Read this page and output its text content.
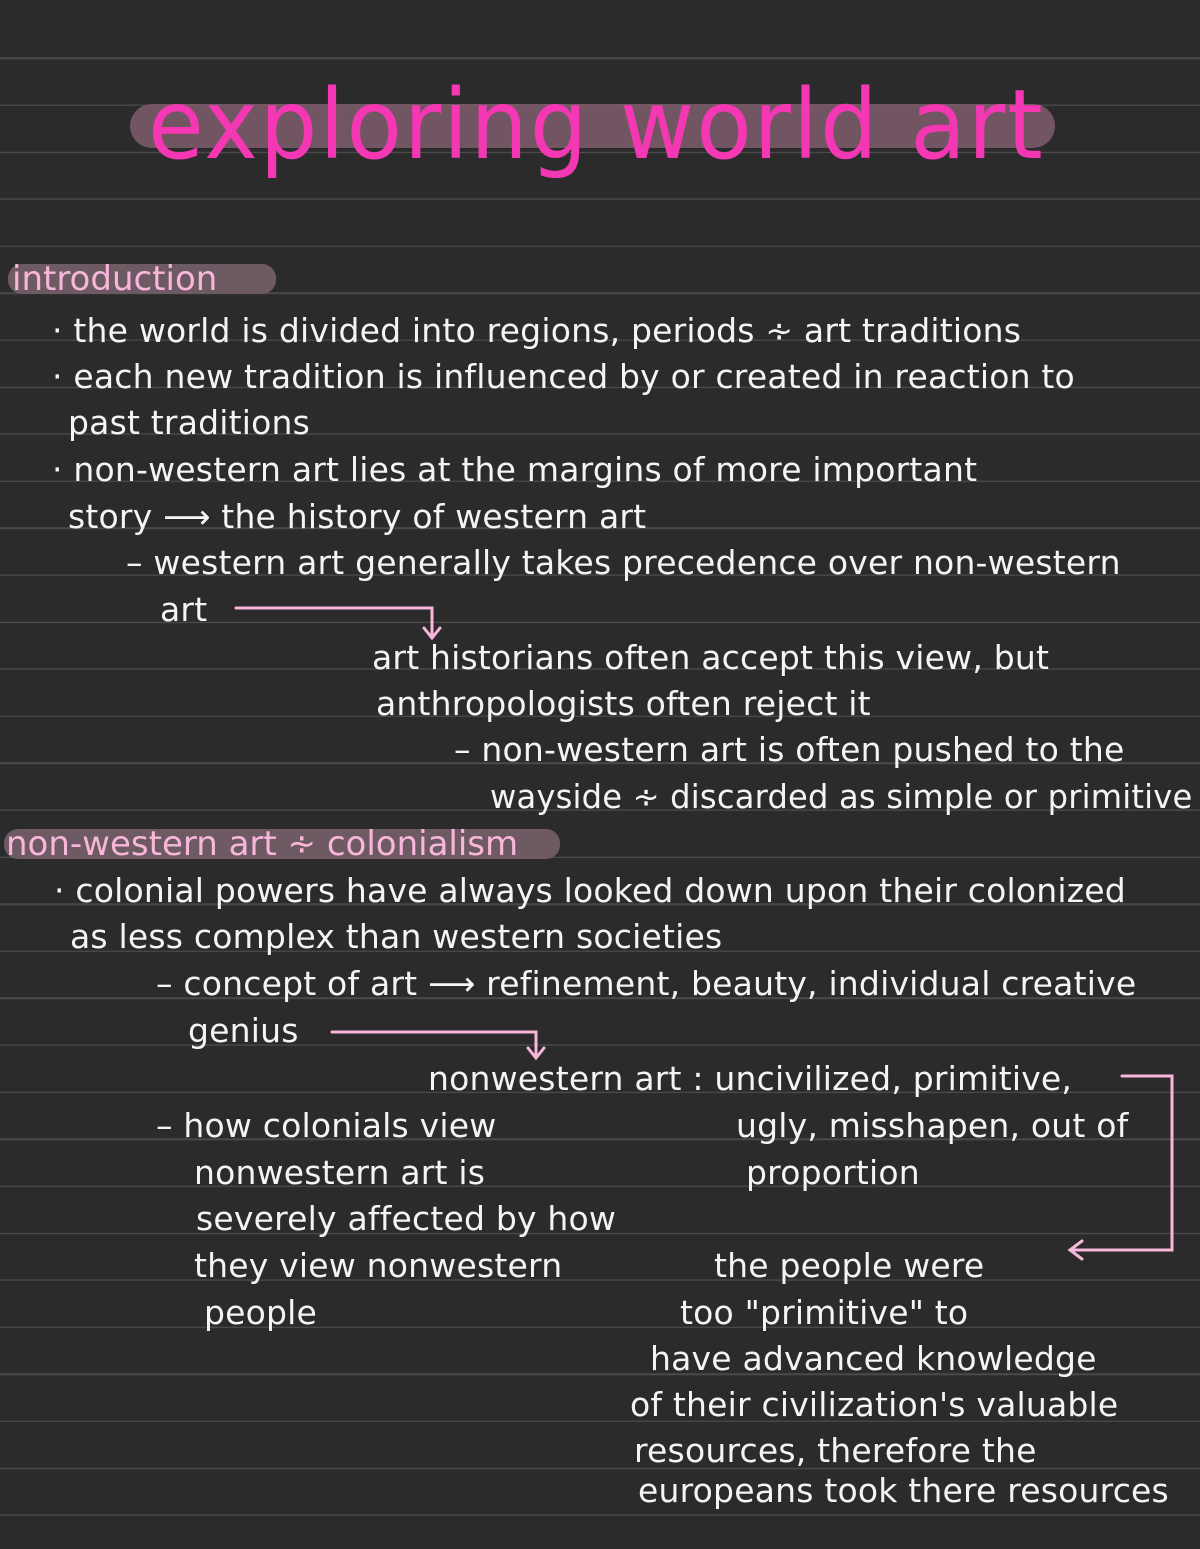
exploring world art
introduction
· the world is divided into regions, periods ∻ art traditions
· each new tradition is influenced by or created in reaction to
past traditions
· non-western art lies at the margins of more important
story ⟶ the history of western art
– western art generally takes precedence over non-western
art
art historians often accept this view, but
anthropologists often reject it
– non-western art is often pushed to the
wayside ∻ discarded as simple or primitive
non-western art ∻ colonialism
· colonial powers have always looked down upon their colonized
as less complex than western societies
– concept of art ⟶ refinement, beauty, individual creative
genius
nonwestern art : uncivilized, primitive,
ugly, misshapen, out of
proportion
– how colonials view
nonwestern art is
severely affected by how
they view nonwestern
people
the people were
too "primitive" to
have advanced knowledge
of their civilization's valuable
resources, therefore the
europeans took there resources
